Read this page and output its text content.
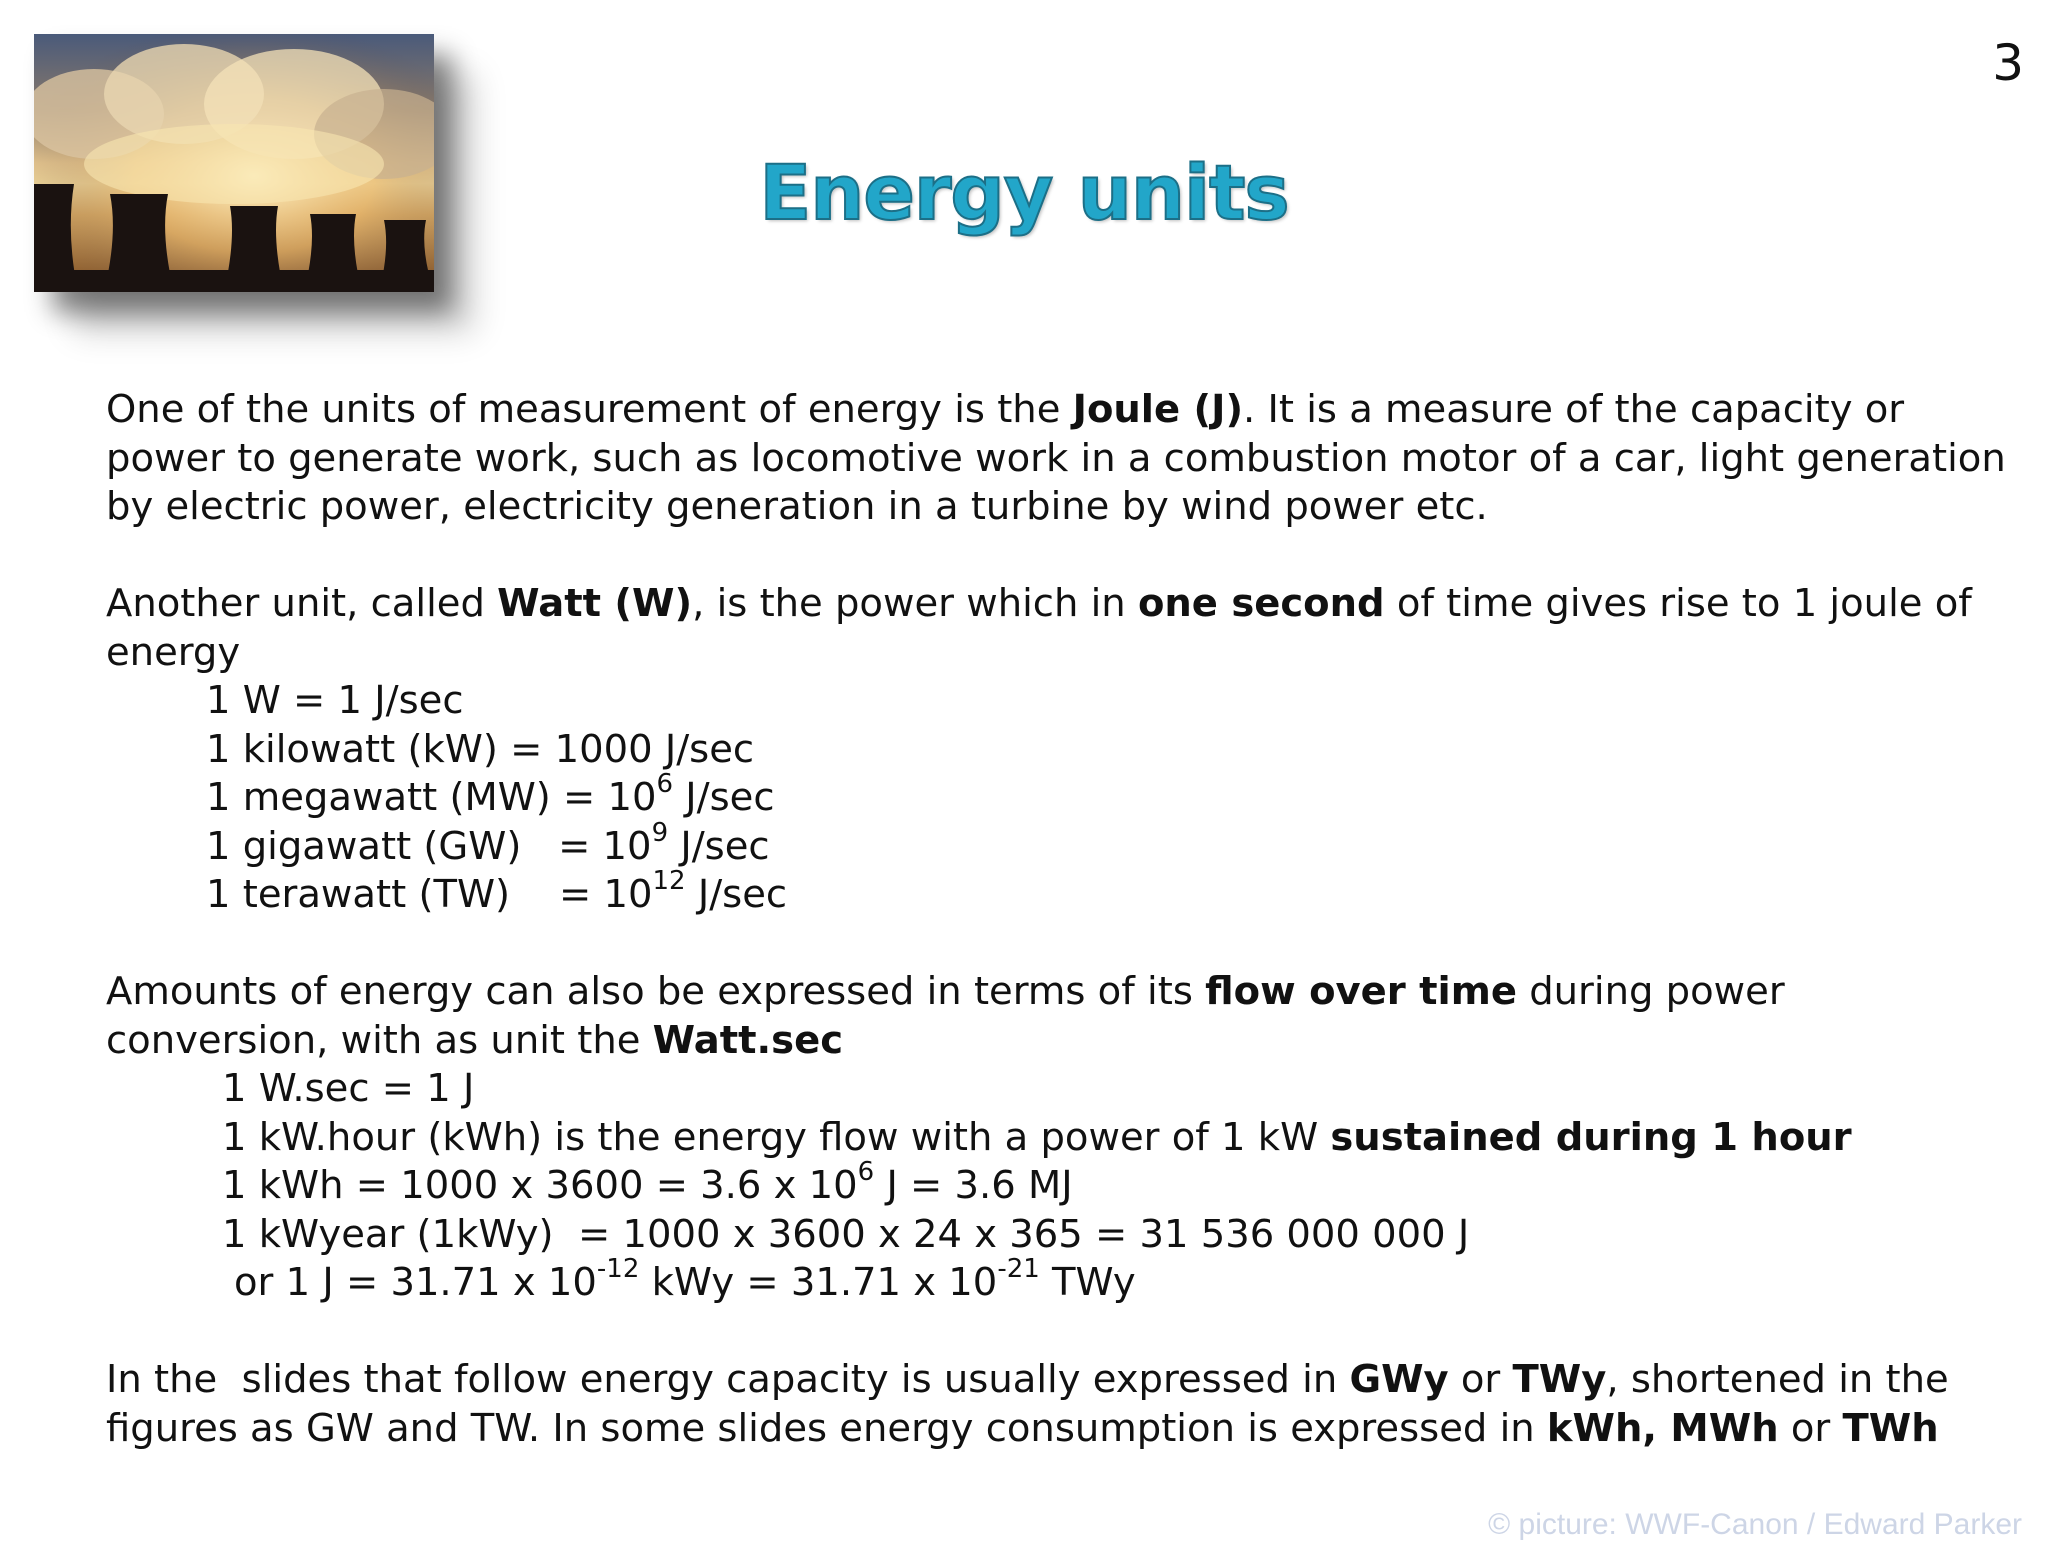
3
Energy units

One of the units of measurement of energy is the Joule (J). It is a measure of the capacity or power to generate work, such as locomotive work in a combustion motor of a car, light generation by electric power, electricity generation in a turbine by wind power etc.

Another unit, called Watt (W), is the power which in one second of time gives rise to 1 joule of energy

1 W = 1 J/sec

1 kilowatt (kW) = 1000 J/sec

1 megawatt $(MW) = 10^6$ J/sec

1 gigawatt $(GW) = 10^9$ J/sec

1 terawatt (TW)    = $10^{12}$ J/sec

Amounts of energy can also be expressed in terms of its flow over time during power conversion, with as unit the Watt.sec

1 W.sec = 1 J

1 kW.hour (kWh) is the energy flow with a power of 1 kW sustained during 1 hour

1 kWh = 1000 x 3600 = 3.6 x $10^6$ J = 3.6 MJ

1 kWyear (1kWy)  = 1000 x 3600 x 24 x 365 = 31 536 000 000 J

or 1 J = 31.71 x $10^{-12}$ kWy = 31.71 x $10^{-21}$ TWy

In the  slides that follow energy capacity is usually expressed in GWy or TWy, shortened in the figures as GW and TW. In some slides energy consumption is expressed in kWh, MWh or TWh

© picture: WWF-Canon / Edward Parker
